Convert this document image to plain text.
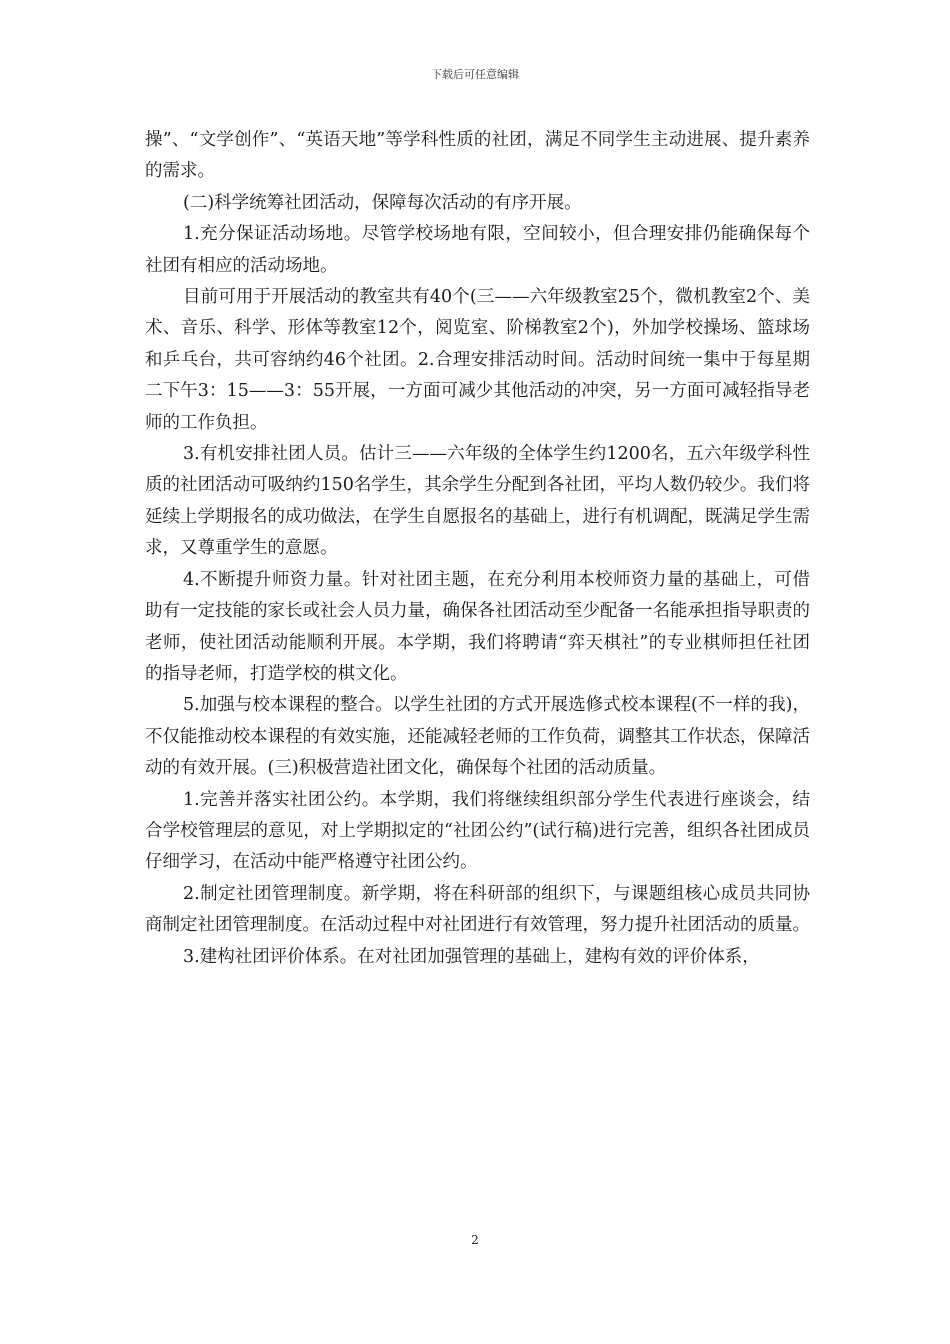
下载后可任意编辑

操”、“文学创作”、“英语天地”等学科性质的社团，满足不同学生主动进展、提升素养的需求。

(二)科学统筹社团活动，保障每次活动的有序开展。

1.充分保证活动场地。尽管学校场地有限，空间较小，但合理安排仍能确保每个社团有相应的活动场地。

目前可用于开展活动的教室共有40个(三——六年级教室25个，微机教室2个、美术、音乐、科学、形体等教室12个，阅览室、阶梯教室2个)，外加学校操场、篮球场和乒乓台，共可容纳约46个社团。2.合理安排活动时间。活动时间统一集中于每星期二下午3：15——3：55开展，一方面可减少其他活动的冲突，另一方面可减轻指导老师的工作负担。

3.有机安排社团人员。估计三——六年级的全体学生约1200名，五六年级学科性质的社团活动可吸纳约150名学生，其余学生分配到各社团，平均人数仍较少。我们将延续上学期报名的成功做法，在学生自愿报名的基础上，进行有机调配，既满足学生需求，又尊重学生的意愿。

4.不断提升师资力量。针对社团主题，在充分利用本校师资力量的基础上，可借助有一定技能的家长或社会人员力量，确保各社团活动至少配备一名能承担指导职责的老师，使社团活动能顺利开展。本学期，我们将聘请“弈天棋社”的专业棋师担任社团的指导老师，打造学校的棋文化。

5.加强与校本课程的整合。以学生社团的方式开展选修式校本课程(不一样的我)，不仅能推动校本课程的有效实施，还能减轻老师的工作负荷，调整其工作状态，保障活动的有效开展。(三)积极营造社团文化，确保每个社团的活动质量。

1.完善并落实社团公约。本学期，我们将继续组织部分学生代表进行座谈会，结合学校管理层的意见，对上学期拟定的“社团公约”(试行稿)进行完善，组织各社团成员仔细学习，在活动中能严格遵守社团公约。

2.制定社团管理制度。新学期，将在科研部的组织下，与课题组核心成员共同协商制定社团管理制度。在活动过程中对社团进行有效管理，努力提升社团活动的质量。

3.建构社团评价体系。在对社团加强管理的基础上，建构有效的评价体系，

2
